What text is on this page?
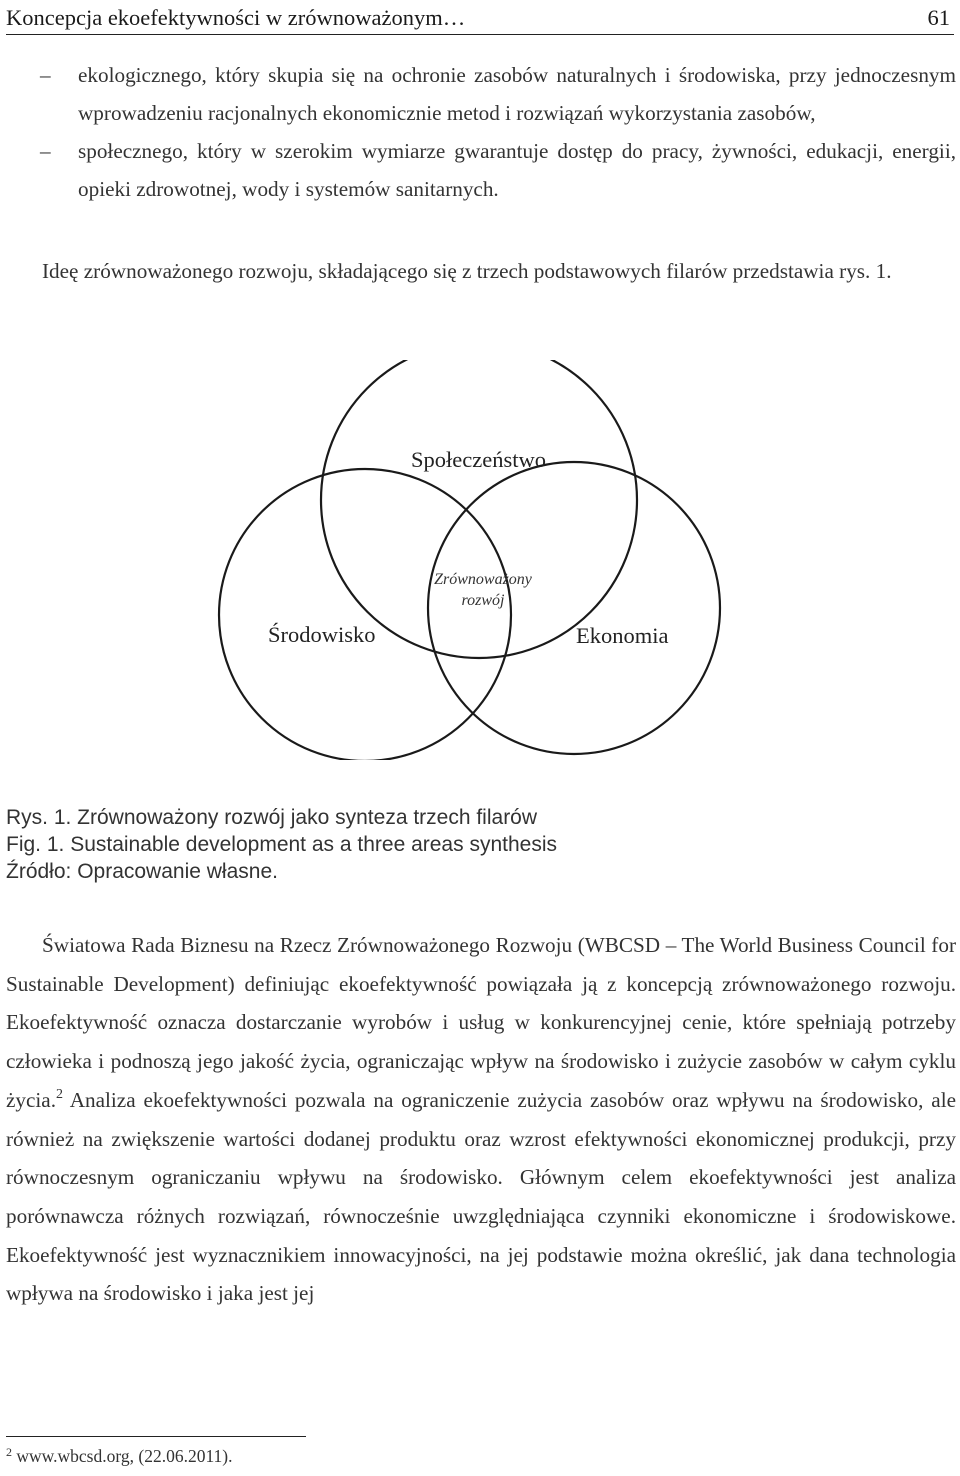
Koncepcja ekoefektywności w zrównoważonym…	61
– ekologicznego, który skupia się na ochronie zasobów naturalnych i środowiska, przy jednoczesnym wprowadzeniu racjonalnych ekonomicznie metod i rozwiązań wykorzystania zasobów,
– społecznego, który w szerokim wymiarze gwarantuje dostęp do pracy, żywności, edukacji, energii, opieki zdrowotnej, wody i systemów sanitarnych.
Ideę zrównoważonego rozwoju, składającego się z trzech podstawowych filarów przedstawia rys. 1.
Społeczeństwo
Środowisko	Ekonomia
Zrównoważony
rozwój
Rys. 1. Zrównoważony rozwój jako synteza trzech filarów
Fig. 1. Sustainable development as a three areas synthesis
Źródło: Opracowanie własne.
Światowa Rada Biznesu na Rzecz Zrównoważonego Rozwoju (WBCSD – The World Business Council for Sustainable Development) definiując ekoefektywność powiązała ją z koncepcją zrównoważonego rozwoju. Ekoefektywność oznacza dostarczanie wyrobów i usług w konkurencyjnej cenie, które spełniają potrzeby człowieka i podnoszą jego jakość życia, ograniczając wpływ na środowisko i zużycie zasobów w całym cyklu życia.$^2$ Analiza ekoefektywności pozwala na ograniczenie zużycia zasobów oraz wpływu na środowisko, ale również na zwiększenie wartości dodanej produktu oraz wzrost efektywności ekonomicznej produkcji, przy równoczesnym ograniczaniu wpływu na środowisko. Głównym celem ekoefektywności jest analiza porównawcza różnych rozwiązań, równocześnie uwzględniająca czynniki ekonomiczne i środowiskowe. Ekoefektywność jest wyznacznikiem innowacyjności, na jej podstawie można określić, jak dana technologia wpływa na środowisko i jaka jest jej
$^2$ www.wbcsd.org, (22.06.2011).
